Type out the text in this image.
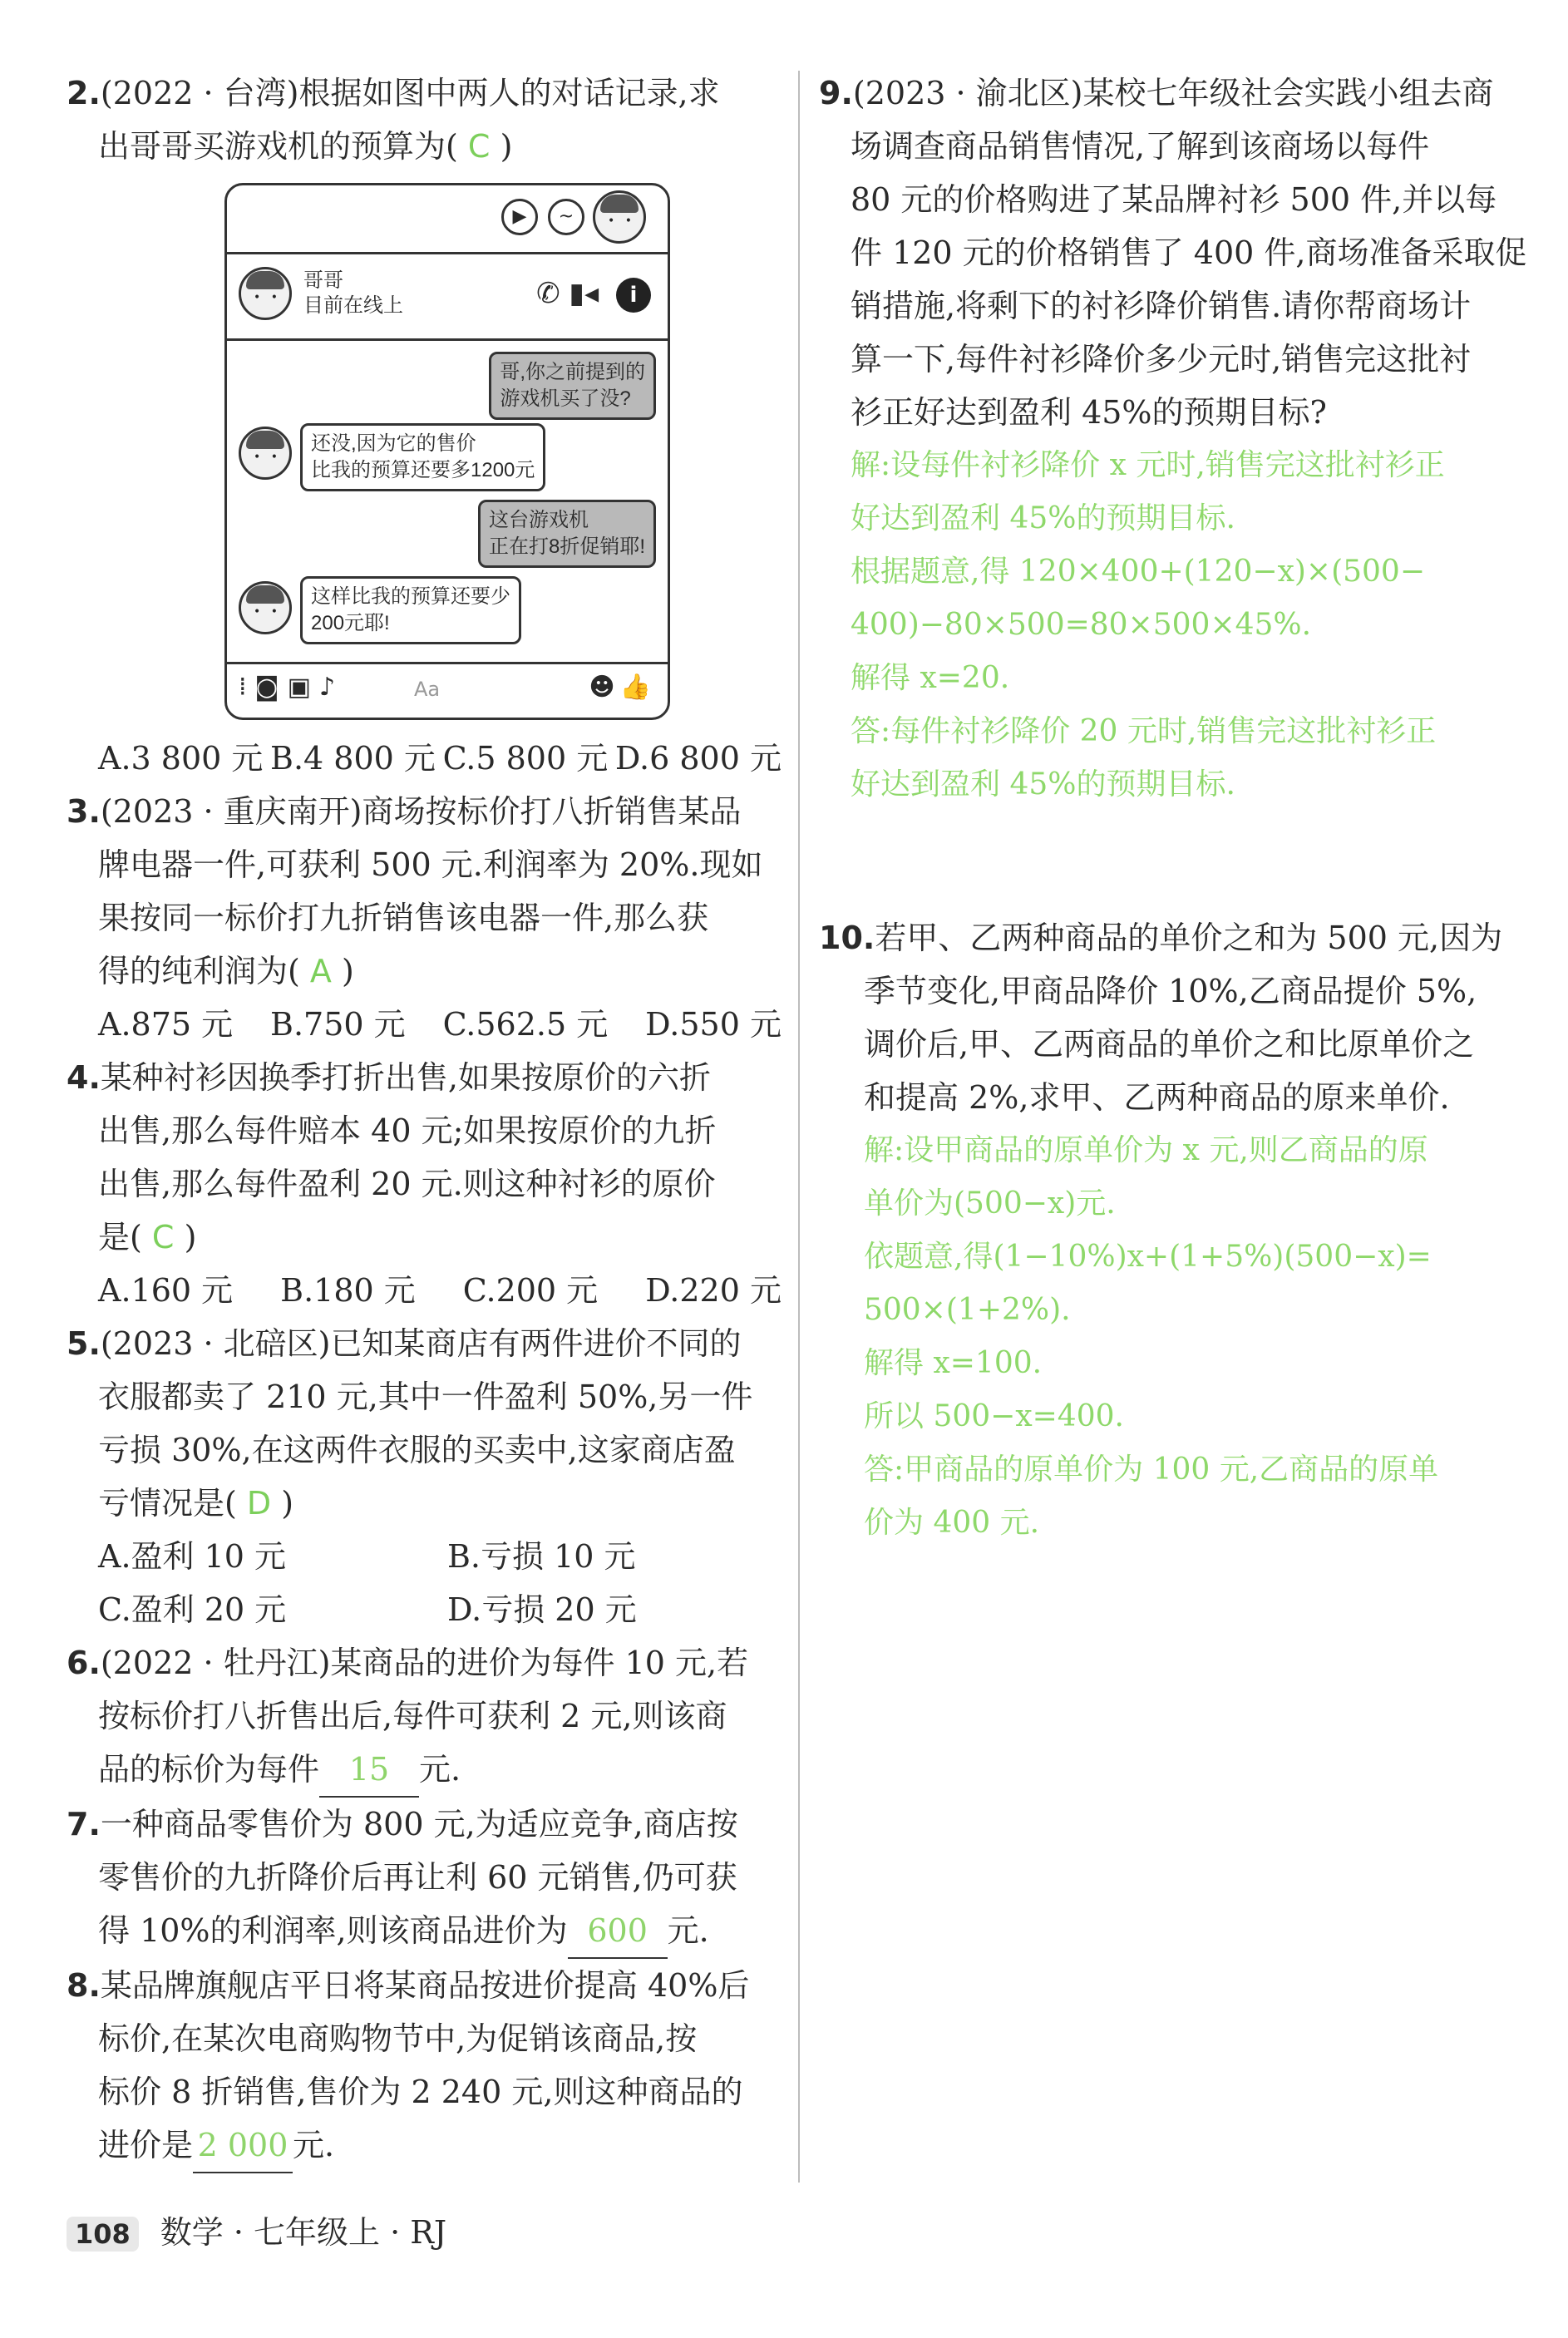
2.(2022 · 台湾)根据如图中两人的对话记录,求
出哥哥买游戏机的预算为( C )
▶	~
• •
• •
哥哥
目前在线上	✆ ▮◂ i
哥,你之前提到的
游戏机买了没?
• •
还没,因为它的售价
比我的预算还要多1200元
这台游戏机
正在打8折促销耶!
• •
这样比我的预算还要少
200元耶!
⁞◙▣♪	Aa	☻👍
A.3 800 元 B.4 800 元 C.5 800 元 D.6 800 元
3.(2023 · 重庆南开)商场按标价打八折销售某品
牌电器一件,可获利 500 元.利润率为 20%.现如
果按同一标价打九折销售该电器一件,那么获
得的纯利润为( A )
A.875 元 B.750 元 C.562.5 元 D.550 元
4.某种衬衫因换季打折出售,如果按原价的六折
出售,那么每件赔本 40 元;如果按原价的九折
出售,那么每件盈利 20 元.则这种衬衫的原价
是( C )
A.160 元 B.180 元 C.200 元 D.220 元
5.(2023 · 北碚区)已知某商店有两件进价不同的
衣服都卖了 210 元,其中一件盈利 50%,另一件
亏损 30%,在这两件衣服的买卖中,这家商店盈
亏情况是( D )
A.盈利 10 元	B.亏损 10 元
C.盈利 20 元	D.亏损 20 元
6.(2022 · 牡丹江)某商品的进价为每件 10 元,若
按标价打八折售出后,每件可获利 2 元,则该商
品的标价为每件 15 元.
7.一种商品零售价为 800 元,为适应竞争,商店按
零售价的九折降价后再让利 60 元销售,仍可获
得 10%的利润率,则该商品进价为 600 元.
8.某品牌旗舰店平日将某商品按进价提高 40%后
标价,在某次电商购物节中,为促销该商品,按
标价 8 折销售,售价为 2 240 元,则这种商品的
进价是 2 000 元.
9.(2023 · 渝北区)某校七年级社会实践小组去商
场调查商品销售情况,了解到该商场以每件
80 元的价格购进了某品牌衬衫 500 件,并以每
件 120 元的价格销售了 400 件,商场准备采取促
销措施,将剩下的衬衫降价销售.请你帮商场计
算一下,每件衬衫降价多少元时,销售完这批衬
衫正好达到盈利 45%的预期目标?
解:设每件衬衫降价 x 元时,销售完这批衬衫正
好达到盈利 45%的预期目标.
根据题意,得 120×400+(120−x)×(500−
400)−80×500=80×500×45%.
解得 x=20.
答:每件衬衫降价 20 元时,销售完这批衬衫正
好达到盈利 45%的预期目标.
10.若甲、乙两种商品的单价之和为 500 元,因为
季节变化,甲商品降价 10%,乙商品提价 5%,
调价后,甲、乙两商品的单价之和比原单价之
和提高 2%,求甲、乙两种商品的原来单价.
解:设甲商品的原单价为 x 元,则乙商品的原
单价为(500−x)元.
依题意,得(1−10%)x+(1+5%)(500−x)=
500×(1+2%).
解得 x=100.
所以 500−x=400.
答:甲商品的原单价为 100 元,乙商品的原单
价为 400 元.
108 数学 · 七年级上 · RJ
